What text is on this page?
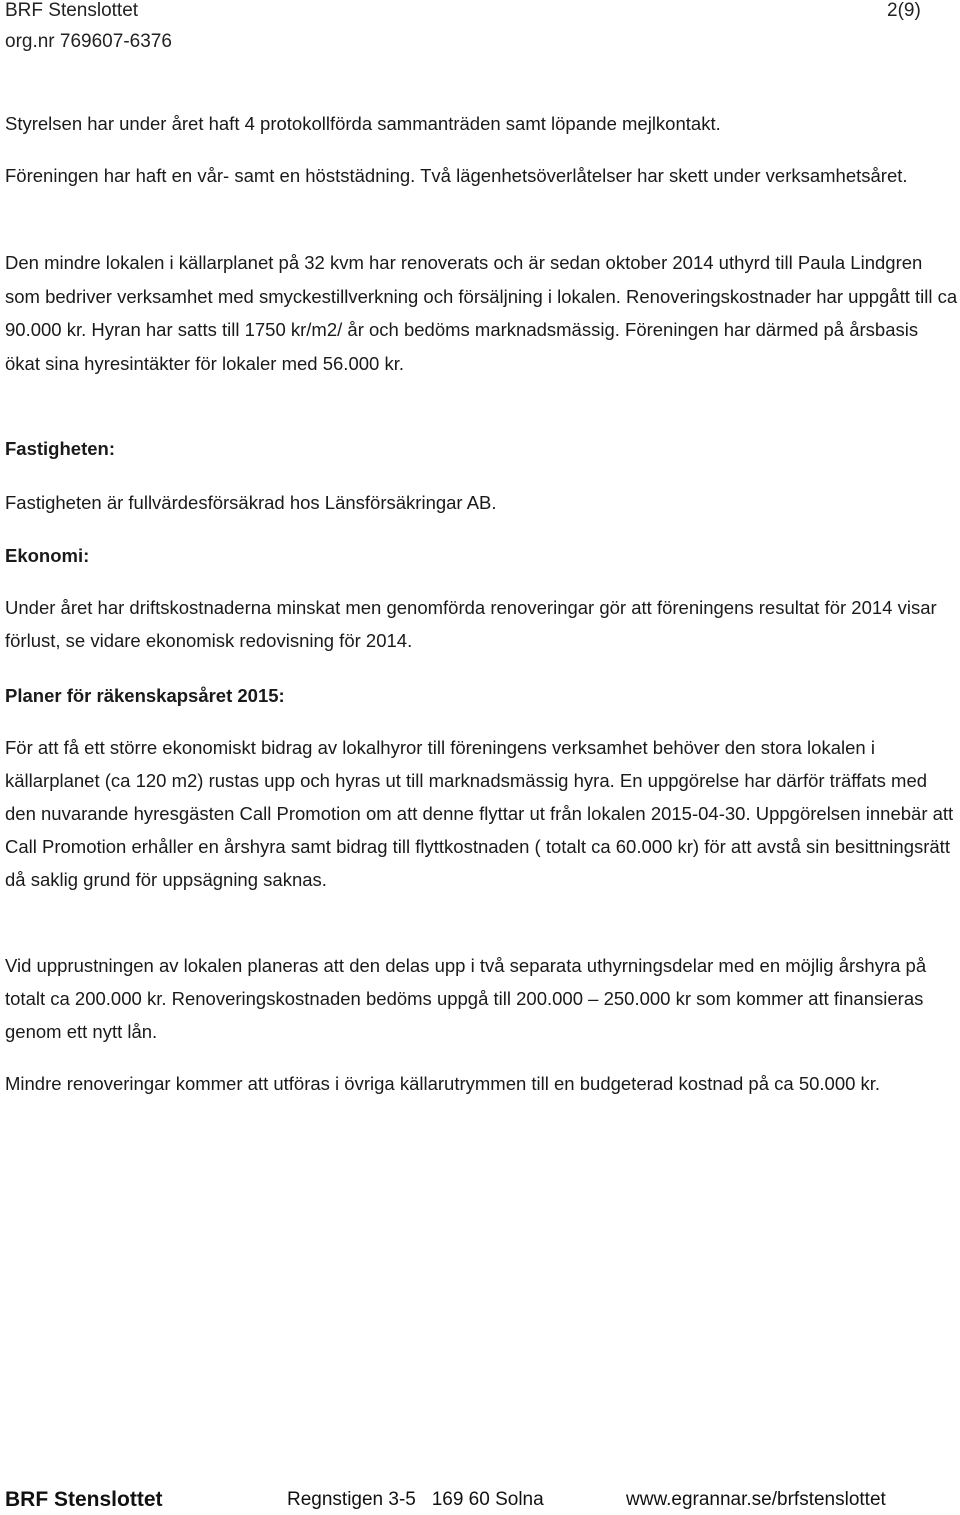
BRF Stenslottet
org.nr 769607-6376
2(9)

Styrelsen har under året haft 4 protokollförda sammanträden samt löpande mejlkontakt.

Föreningen har haft en vår- samt en höststädning. Två lägenhetsöverlåtelser har skett under verksamhetsåret.

Den mindre lokalen i källarplanet på 32 kvm har renoverats och är sedan oktober 2014 uthyrd till Paula Lindgren som bedriver verksamhet med smyckestillverkning och försäljning i lokalen. Renoveringskostnader har uppgått till ca 90.000 kr. Hyran har satts till 1750 kr/m2/ år och bedöms marknadsmässig. Föreningen har därmed på årsbasis ökat sina hyresintäkter för lokaler med 56.000 kr.

Fastigheten:

Fastigheten är fullvärdesförsäkrad hos Länsförsäkringar AB.

Ekonomi:

Under året har driftskostnaderna minskat men genomförda renoveringar gör att föreningens resultat för 2014 visar förlust, se vidare ekonomisk redovisning för 2014.

Planer för räkenskapsåret 2015:

För att få ett större ekonomiskt bidrag av lokalhyror till föreningens verksamhet behöver den stora lokalen i källarplanet (ca 120 m2) rustas upp och hyras ut till marknadsmässig hyra. En uppgörelse har därför träffats med den nuvarande hyresgästen Call Promotion om att denne flyttar ut från lokalen 2015-04-30. Uppgörelsen innebär att Call Promotion erhåller en årshyra samt bidrag till flyttkostnaden ( totalt ca 60.000 kr) för att avstå sin besittningsrätt då saklig grund för uppsägning saknas.

Vid upprustningen av lokalen planeras att den delas upp i två separata uthyrningsdelar med en möjlig årshyra på totalt ca 200.000 kr. Renoveringskostnaden bedöms uppgå till 200.000 – 250.000 kr som kommer att finansieras genom ett nytt lån.

Mindre renoveringar kommer att utföras i övriga källarutrymmen till en budgeterad kostnad på ca 50.000 kr.

BRF Stenslottet	Regnstigen 3-5   169 60 Solna	www.egrannar.se/brfstenslottet
